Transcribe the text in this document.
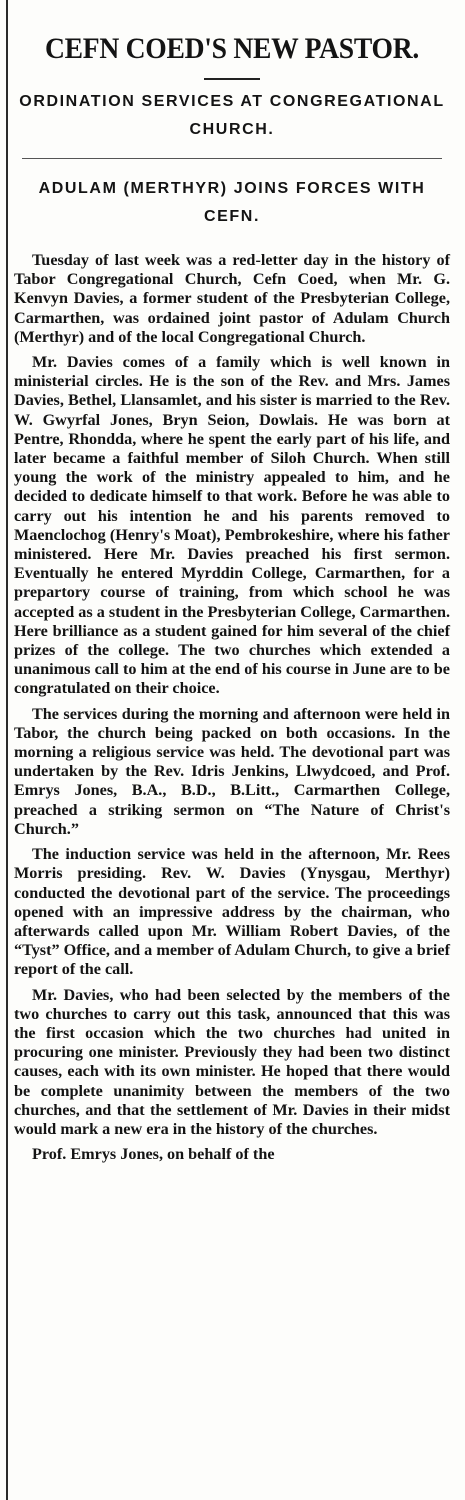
CEFN COED'S NEW PASTOR.
ORDINATION SERVICES AT CONGREGATIONAL CHURCH.
ADULAM (MERTHYR) JOINS FORCES WITH CEFN.

Tuesday of last week was a red-letter day in the history of Tabor Congregational Church, Cefn Coed, when Mr. G. Kenvyn Davies, a former student of the Presbyterian College, Carmarthen, was ordained joint pastor of Adulam Church (Merthyr) and of the local Congregational Church.

Mr. Davies comes of a family which is well known in ministerial circles. He is the son of the Rev. and Mrs. James Davies, Bethel, Llansamlet, and his sister is married to the Rev. W. Gwyrfal Jones, Bryn Seion, Dowlais. He was born at Pentre, Rhondda, where he spent the early part of his life, and later became a faithful member of Siloh Church. When still young the work of the ministry appealed to him, and he decided to dedicate himself to that work. Before he was able to carry out his intention he and his parents removed to Maenclochog (Henry's Moat), Pembrokeshire, where his father ministered. Here Mr. Davies preached his first sermon. Eventually he entered Myrddin College, Carmarthen, for a prepartory course of training, from which school he was accepted as a student in the Presbyterian College, Carmarthen. Here brilliance as a student gained for him several of the chief prizes of the college. The two churches which extended a unanimous call to him at the end of his course in June are to be congratulated on their choice.

The services during the morning and afternoon were held in Tabor, the church being packed on both occasions. In the morning a religious service was held. The devotional part was undertaken by the Rev. Idris Jenkins, Llwydcoed, and Prof. Emrys Jones, B.A., B.D., B.Litt., Carmarthen College, preached a striking sermon on “The Nature of Christ's Church.”

The induction service was held in the afternoon, Mr. Rees Morris presiding. Rev. W. Davies (Ynysgau, Merthyr) conducted the devotional part of the service. The proceedings opened with an impressive address by the chairman, who afterwards called upon Mr. William Robert Davies, of the “Tyst” Office, and a member of Adulam Church, to give a brief report of the call.

Mr. Davies, who had been selected by the members of the two churches to carry out this task, announced that this was the first occasion which the two churches had united in procuring one minister. Previously they had been two distinct causes, each with its own minister. He hoped that there would be complete unanimity between the members of the two churches, and that the settlement of Mr. Davies in their midst would mark a new era in the history of the churches.

Prof. Emrys Jones, on behalf of the
